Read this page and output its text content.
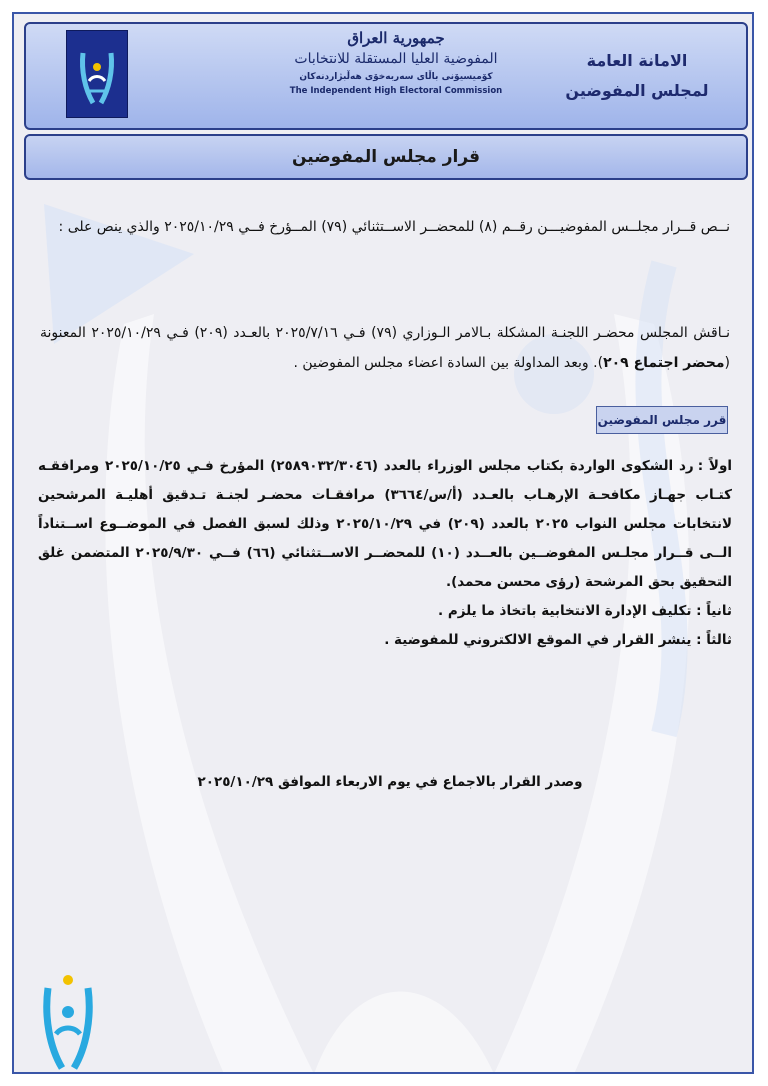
الامانة العامة
لمجلس المفوضين
جمهورية العراق
المفوضية العليا المستقلة للانتخابات
کۆمیسیۆنی باڵای سەربەخۆی هەڵبژاردنەکان
The Independent High Electoral Commission
قرار مجلس المفوضين
نــص قــرار مجلــس المفوضيـــن رقــم (٨) للمحضــر الاســتثنائي (٧٩) المــؤرخ فــي ٢٠٢٥/١٠/٢٩ والذي ينص على :
نـاقش المجلس محضـر اللجنـة المشكلة بـالامر الـوزاري (٧٩) فـي ٢٠٢٥/٧/١٦ بالعـدد (٢٠٩) فـي ٢٠٢٥/١٠/٢٩ المعنونة (محضر اجتماع ٢٠٩). وبعد المداولة بين السادة اعضاء مجلس المفوضين .
قرر مجلس المفوضين
اولاً :رد الشكوى الواردة بكتاب مجلس الوزراء بالعدد (٢٥٨٩٠٣٢/٣٠٤٦) المؤرخ فـي ٢٠٢٥/١٠/٢٥ ومرافقـه كتـاب جهـاز مكافحـة الإرهـاب بالعـدد (أ/س/٣٦٦٤) مرافقـات محضـر لجنـة تـدقيق أهليـة المرشحين لانتخابات مجلس النواب ٢٠٢٥ بالعدد (٢٠٩) في ٢٠٢٥/١٠/٢٩ وذلك لسبق الفصل في الموضــوع اســتناداً الــى قــرار مجلـس المفوضــين بالعــدد (١٠) للمحضــر الاســتثنائي (٦٦) فــي ٢٠٢٥/٩/٣٠ المتضمن غلق التحقيق بحق المرشحة (رؤى محسن محمد).
ثانياً : تكليف الإدارة الانتخابية باتخاذ ما يلزم .
ثالثاً : ينشر القرار في الموقع الالكتروني للمفوضية .
وصدر القرار بالاجماع في يوم الاربعاء الموافق ٢٠٢٥/١٠/٢٩
